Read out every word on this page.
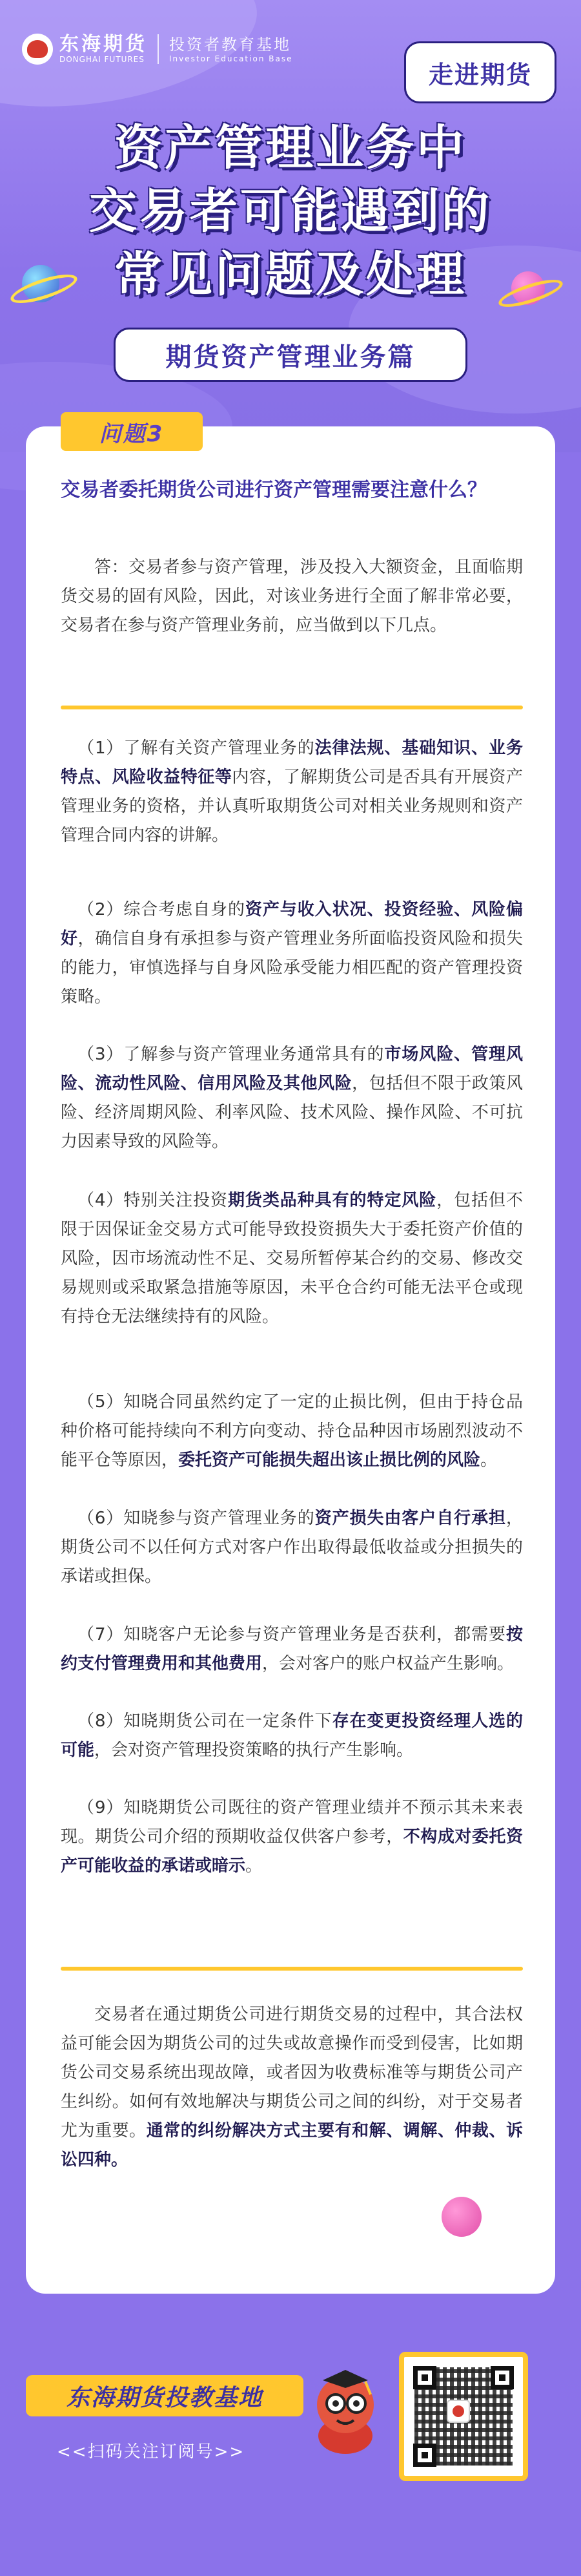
东海期货
DONGHAI FUTURES
投资者教育基地
Investor Education Base
走进期货
资产管理业务中
交易者可能遇到的
常见问题及处理
期货资产管理业务篇
问题3
交易者委托期货公司进行资产管理需要注意什么？

答：交易者参与资产管理，涉及投入大额资金，且面临期货交易的固有风险，因此，对该业务进行全面了解非常必要，交易者在参与资产管理业务前，应当做到以下几点。

（1）了解有关资产管理业务的法律法规、基础知识、业务特点、风险收益特征等内容，了解期货公司是否具有开展资产管理业务的资格，并认真听取期货公司对相关业务规则和资产管理合同内容的讲解。

（2）综合考虑自身的资产与收入状况、投资经验、风险偏好，确信自身有承担参与资产管理业务所面临投资风险和损失的能力，审慎选择与自身风险承受能力相匹配的资产管理投资策略。

（3）了解参与资产管理业务通常具有的市场风险、管理风险、流动性风险、信用风险及其他风险，包括但不限于政策风险、经济周期风险、利率风险、技术风险、操作风险、不可抗力因素导致的风险等。

（4）特别关注投资期货类品种具有的特定风险，包括但不限于因保证金交易方式可能导致投资损失大于委托资产价值的风险，因市场流动性不足、交易所暂停某合约的交易、修改交易规则或采取紧急措施等原因，未平仓合约可能无法平仓或现有持仓无法继续持有的风险。

（5）知晓合同虽然约定了一定的止损比例，但由于持仓品种价格可能持续向不利方向变动、持仓品种因市场剧烈波动不能平仓等原因，委托资产可能损失超出该止损比例的风险。

（6）知晓参与资产管理业务的资产损失由客户自行承担，期货公司不以任何方式对客户作出取得最低收益或分担损失的承诺或担保。

（7）知晓客户无论参与资产管理业务是否获利，都需要按约支付管理费用和其他费用，会对客户的账户权益产生影响。

（8）知晓期货公司在一定条件下存在变更投资经理人选的可能，会对资产管理投资策略的执行产生影响。

（9）知晓期货公司既往的资产管理业绩并不预示其未来表现。期货公司介绍的预期收益仅供客户参考，不构成对委托资产可能收益的承诺或暗示。

交易者在通过期货公司进行期货交易的过程中，其合法权益可能会因为期货公司的过失或故意操作而受到侵害，比如期货公司交易系统出现故障，或者因为收费标准等与期货公司产生纠纷。如何有效地解决与期货公司之间的纠纷，对于交易者尤为重要。通常的纠纷解决方式主要有和解、调解、仲裁、诉讼四种。

东海期货投教基地
<<扫码关注订阅号>>
